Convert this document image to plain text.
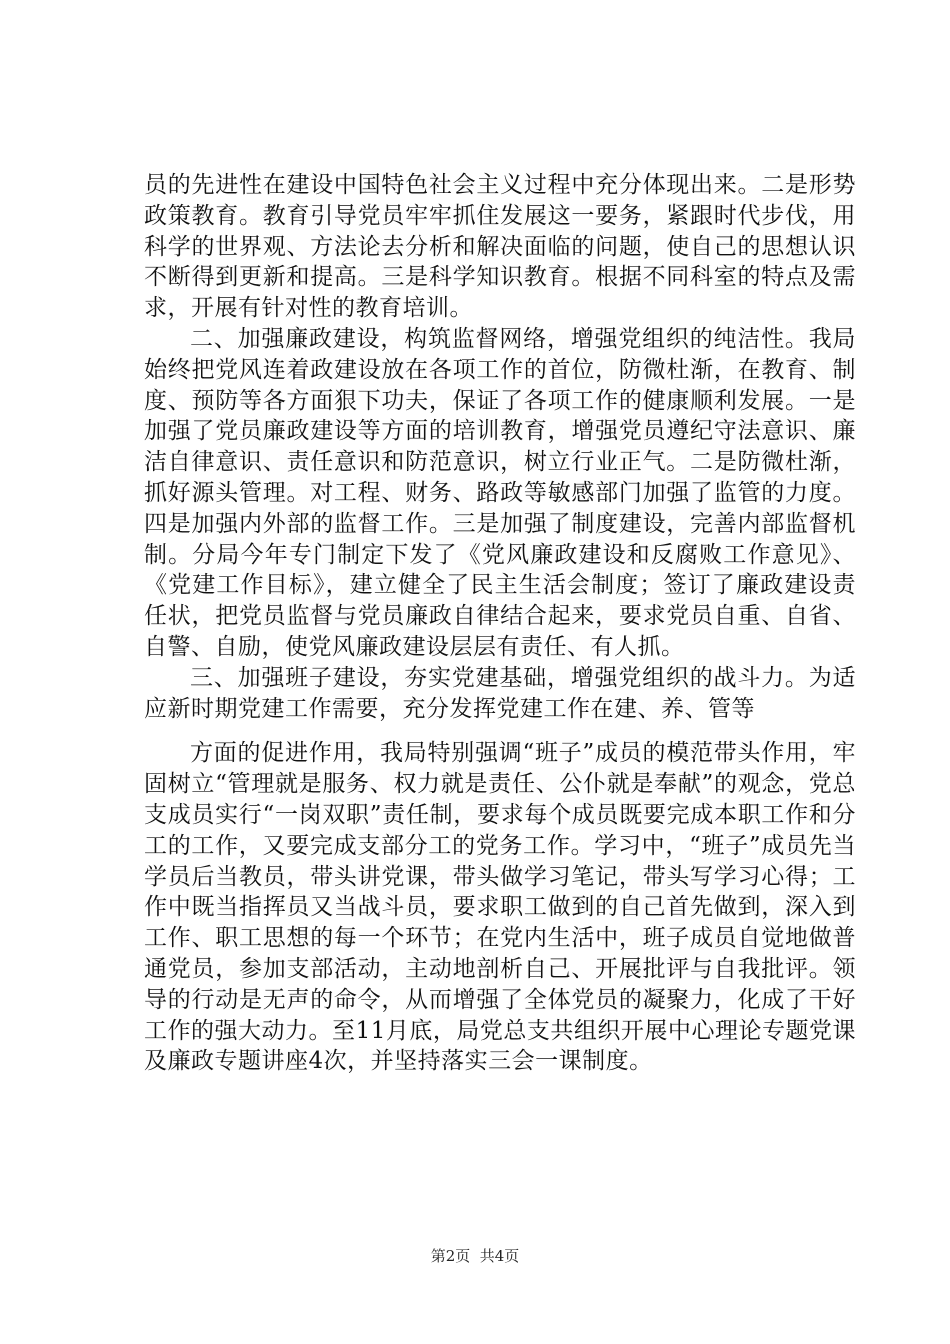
员的先进性在建设中国特色社会主义过程中充分体现出来。二是形势政策教育。教育引导党员牢牢抓住发展这一要务，紧跟时代步伐，用科学的世界观、方法论去分析和解决面临的问题，使自己的思想认识不断得到更新和提高。三是科学知识教育。根据不同科室的特点及需求，开展有针对性的教育培训。

二、加强廉政建设，构筑监督网络，增强党组织的纯洁性。我局始终把党风连着政建设放在各项工作的首位，防微杜渐，在教育、制度、预防等各方面狠下功夫，保证了各项工作的健康顺利发展。一是加强了党员廉政建设等方面的培训教育，增强党员遵纪守法意识、廉洁自律意识、责任意识和防范意识，树立行业正气。二是防微杜渐，抓好源头管理。对工程、财务、路政等敏感部门加强了监管的力度。四是加强内外部的监督工作。三是加强了制度建设，完善内部监督机制。分局今年专门制定下发了《党风廉政建设和反腐败工作意见》、《党建工作目标》，建立健全了民主生活会制度；签订了廉政建设责任状，把党员监督与党员廉政自律结合起来，要求党员自重、自省、自警、自励，使党风廉政建设层层有责任、有人抓。

三、加强班子建设，夯实党建基础，增强党组织的战斗力。为适应新时期党建工作需要，充分发挥党建工作在建、养、管等

方面的促进作用，我局特别强调“班子”成员的模范带头作用，牢固树立“管理就是服务、权力就是责任、公仆就是奉献”的观念，党总支成员实行“一岗双职”责任制，要求每个成员既要完成本职工作和分工的工作，又要完成支部分工的党务工作。学习中，“班子”成员先当学员后当教员，带头讲党课，带头做学习笔记，带头写学习心得；工作中既当指挥员又当战斗员，要求职工做到的自己首先做到，深入到工作、职工思想的每一个环节；在党内生活中，班子成员自觉地做普通党员，参加支部活动，主动地剖析自己、开展批评与自我批评。领导的行动是无声的命令，从而增强了全体党员的凝聚力，化成了干好工作的强大动力。至11月底，局党总支共组织开展中心理论专题党课及廉政专题讲座4次，并坚持落实三会一课制度。

第2页  共4页
